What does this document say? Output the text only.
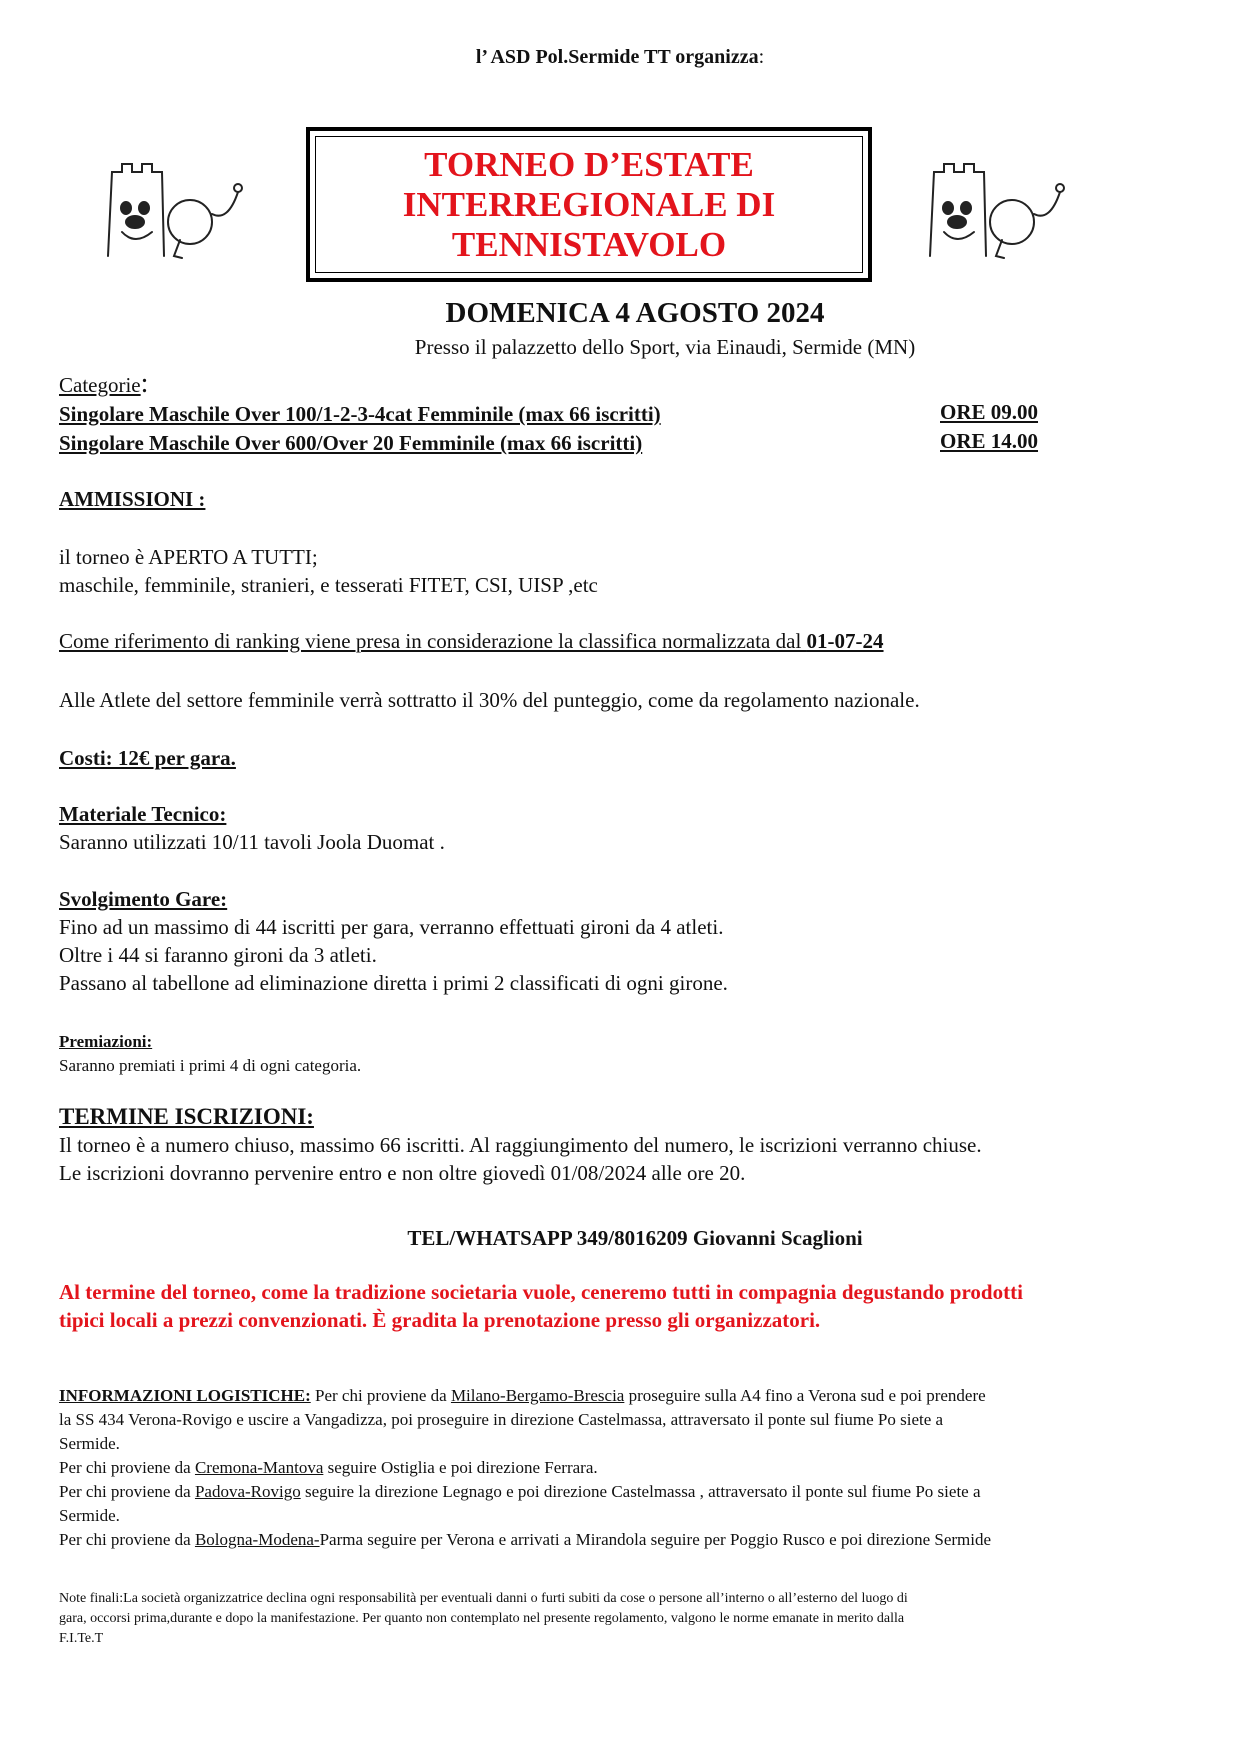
l’ ASD Pol.Sermide TT organizza:
TORNEO D’ESTATE
INTERREGIONALE DI
TENNISTAVOLO
DOMENICA 4 AGOSTO 2024
Presso il palazzetto dello Sport, via Einaudi, Sermide (MN)
Categorie:
Singolare Maschile Over 100/1-2-3-4cat Femminile (max 66 iscritti)	ORE 09.00
Singolare Maschile Over 600/Over 20 Femminile (max 66 iscritti)	ORE 14.00
AMMISSIONI :
il torneo è APERTO A TUTTI;
maschile, femminile, stranieri, e tesserati FITET, CSI, UISP ,etc
Come riferimento di ranking viene presa in considerazione la classifica normalizzata dal 01-07-24
Alle Atlete del settore femminile verrà sottratto il 30% del punteggio, come da regolamento nazionale.
Costi: 12€ per gara.
Materiale Tecnico:
Saranno utilizzati 10/11 tavoli Joola Duomat .
Svolgimento Gare:
Fino ad un massimo di 44 iscritti per gara, verranno effettuati gironi da 4 atleti.
Oltre i 44 si faranno gironi da 3 atleti.
Passano al tabellone ad eliminazione diretta i primi 2 classificati di ogni girone.
Premiazioni:
Saranno premiati i primi 4 di ogni categoria.
TERMINE ISCRIZIONI:
Il torneo è a numero chiuso, massimo 66 iscritti. Al raggiungimento del numero, le iscrizioni verranno chiuse.
Le iscrizioni dovranno pervenire entro e non oltre giovedì 01/08/2024 alle ore 20.
TEL/WHATSAPP 349/8016209 Giovanni Scaglioni
Al termine del torneo, come la tradizione societaria vuole, ceneremo tutti in compagnia degustando prodotti
tipici locali a prezzi convenzionati. È gradita la prenotazione presso gli organizzatori.
INFORMAZIONI LOGISTICHE: Per chi proviene da Milano-Bergamo-Brescia proseguire sulla A4 fino a Verona sud e poi prendere
la SS 434 Verona-Rovigo e uscire a Vangadizza, poi proseguire in direzione Castelmassa, attraversato il ponte sul fiume Po siete a
Sermide.
Per chi proviene da Cremona-Mantova seguire Ostiglia e poi direzione Ferrara.
Per chi proviene da Padova-Rovigo seguire la direzione Legnago e poi direzione Castelmassa , attraversato il ponte sul fiume Po siete a
Sermide.
Per chi proviene da Bologna-Modena-Parma seguire per Verona e arrivati a Mirandola seguire per Poggio Rusco e poi direzione Sermide
Note finali:La società organizzatrice declina ogni responsabilità per eventuali danni o furti subiti da cose o persone all’interno o all’esterno del luogo di
gara, occorsi prima,durante e dopo la manifestazione. Per quanto non contemplato nel presente regolamento, valgono le norme emanate in merito dalla
F.I.Te.T
